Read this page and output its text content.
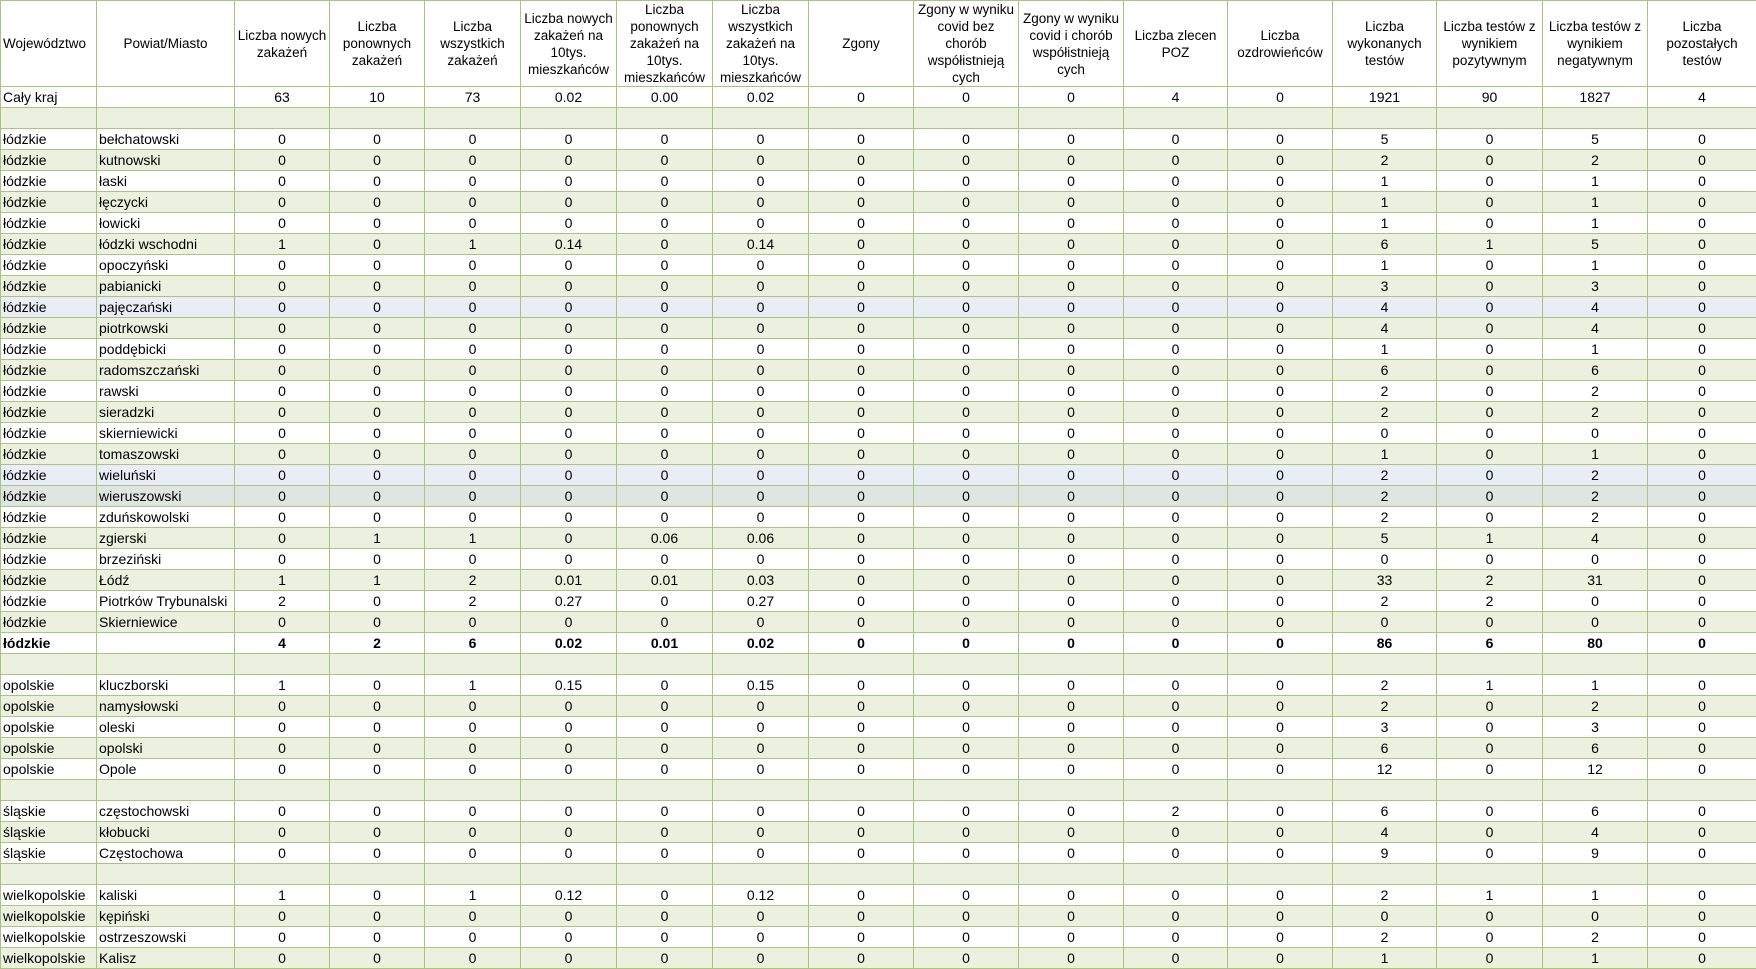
Województwo	Powiat/Miasto	Liczba nowych zakażeń	Liczba ponownych zakażeń	Liczba wszystkich zakażeń	Liczba nowych zakażeń na 10tys. mieszkańców	Liczba ponownych zakażeń na 10tys. mieszkańców	Liczba wszystkich zakażeń na 10tys. mieszkańców	Zgony	Zgony w wyniku covid bez chorób współistnieją cych	Zgony w wyniku covid i chorób współistnieją cych	Liczba zlecen POZ	Liczba ozdrowieńców	Liczba wykonanych testów	Liczba testów z wynikiem pozytywnym	Liczba testów z wynikiem negatywnym	Liczba pozostałych testów
Cały kraj		63	10	73	0.02	0.00	0.02	0	0	0	4	0	1921	90	1827	4

łódzkie	bełchatowski	0	0	0	0	0	0	0	0	0	0	0	5	0	5	0
łódzkie	kutnowski	0	0	0	0	0	0	0	0	0	0	0	2	0	2	0
łódzkie	łaski	0	0	0	0	0	0	0	0	0	0	0	1	0	1	0
łódzkie	łęczycki	0	0	0	0	0	0	0	0	0	0	0	1	0	1	0
łódzkie	łowicki	0	0	0	0	0	0	0	0	0	0	0	1	0	1	0
łódzkie	łódzki wschodni	1	0	1	0.14	0	0.14	0	0	0	0	0	6	1	5	0
łódzkie	opoczyński	0	0	0	0	0	0	0	0	0	0	0	1	0	1	0
łódzkie	pabianicki	0	0	0	0	0	0	0	0	0	0	0	3	0	3	0
łódzkie	pajęczański	0	0	0	0	0	0	0	0	0	0	0	4	0	4	0
łódzkie	piotrkowski	0	0	0	0	0	0	0	0	0	0	0	4	0	4	0
łódzkie	poddębicki	0	0	0	0	0	0	0	0	0	0	0	1	0	1	0
łódzkie	radomszczański	0	0	0	0	0	0	0	0	0	0	0	6	0	6	0
łódzkie	rawski	0	0	0	0	0	0	0	0	0	0	0	2	0	2	0
łódzkie	sieradzki	0	0	0	0	0	0	0	0	0	0	0	2	0	2	0
łódzkie	skierniewicki	0	0	0	0	0	0	0	0	0	0	0	0	0	0	0
łódzkie	tomaszowski	0	0	0	0	0	0	0	0	0	0	0	1	0	1	0
łódzkie	wieluński	0	0	0	0	0	0	0	0	0	0	0	2	0	2	0
łódzkie	wieruszowski	0	0	0	0	0	0	0	0	0	0	0	2	0	2	0
łódzkie	zduńskowolski	0	0	0	0	0	0	0	0	0	0	0	2	0	2	0
łódzkie	zgierski	0	1	1	0	0.06	0.06	0	0	0	0	0	5	1	4	0
łódzkie	brzeziński	0	0	0	0	0	0	0	0	0	0	0	0	0	0	0
łódzkie	Łódź	1	1	2	0.01	0.01	0.03	0	0	0	0	0	33	2	31	0
łódzkie	Piotrków Trybunalski	2	0	2	0.27	0	0.27	0	0	0	0	0	2	2	0	0
łódzkie	Skierniewice	0	0	0	0	0	0	0	0	0	0	0	0	0	0	0
łódzkie		4	2	6	0.02	0.01	0.02	0	0	0	0	0	86	6	80	0

opolskie	kluczborski	1	0	1	0.15	0	0.15	0	0	0	0	0	2	1	1	0
opolskie	namysłowski	0	0	0	0	0	0	0	0	0	0	0	2	0	2	0
opolskie	oleski	0	0	0	0	0	0	0	0	0	0	0	3	0	3	0
opolskie	opolski	0	0	0	0	0	0	0	0	0	0	0	6	0	6	0
opolskie	Opole	0	0	0	0	0	0	0	0	0	0	0	12	0	12	0

śląskie	częstochowski	0	0	0	0	0	0	0	0	0	2	0	6	0	6	0
śląskie	kłobucki	0	0	0	0	0	0	0	0	0	0	0	4	0	4	0
śląskie	Częstochowa	0	0	0	0	0	0	0	0	0	0	0	9	0	9	0

wielkopolskie	kaliski	1	0	1	0.12	0	0.12	0	0	0	0	0	2	1	1	0
wielkopolskie	kępiński	0	0	0	0	0	0	0	0	0	0	0	0	0	0	0
wielkopolskie	ostrzeszowski	0	0	0	0	0	0	0	0	0	0	0	2	0	2	0
wielkopolskie	Kalisz	0	0	0	0	0	0	0	0	0	0	0	1	0	1	0
